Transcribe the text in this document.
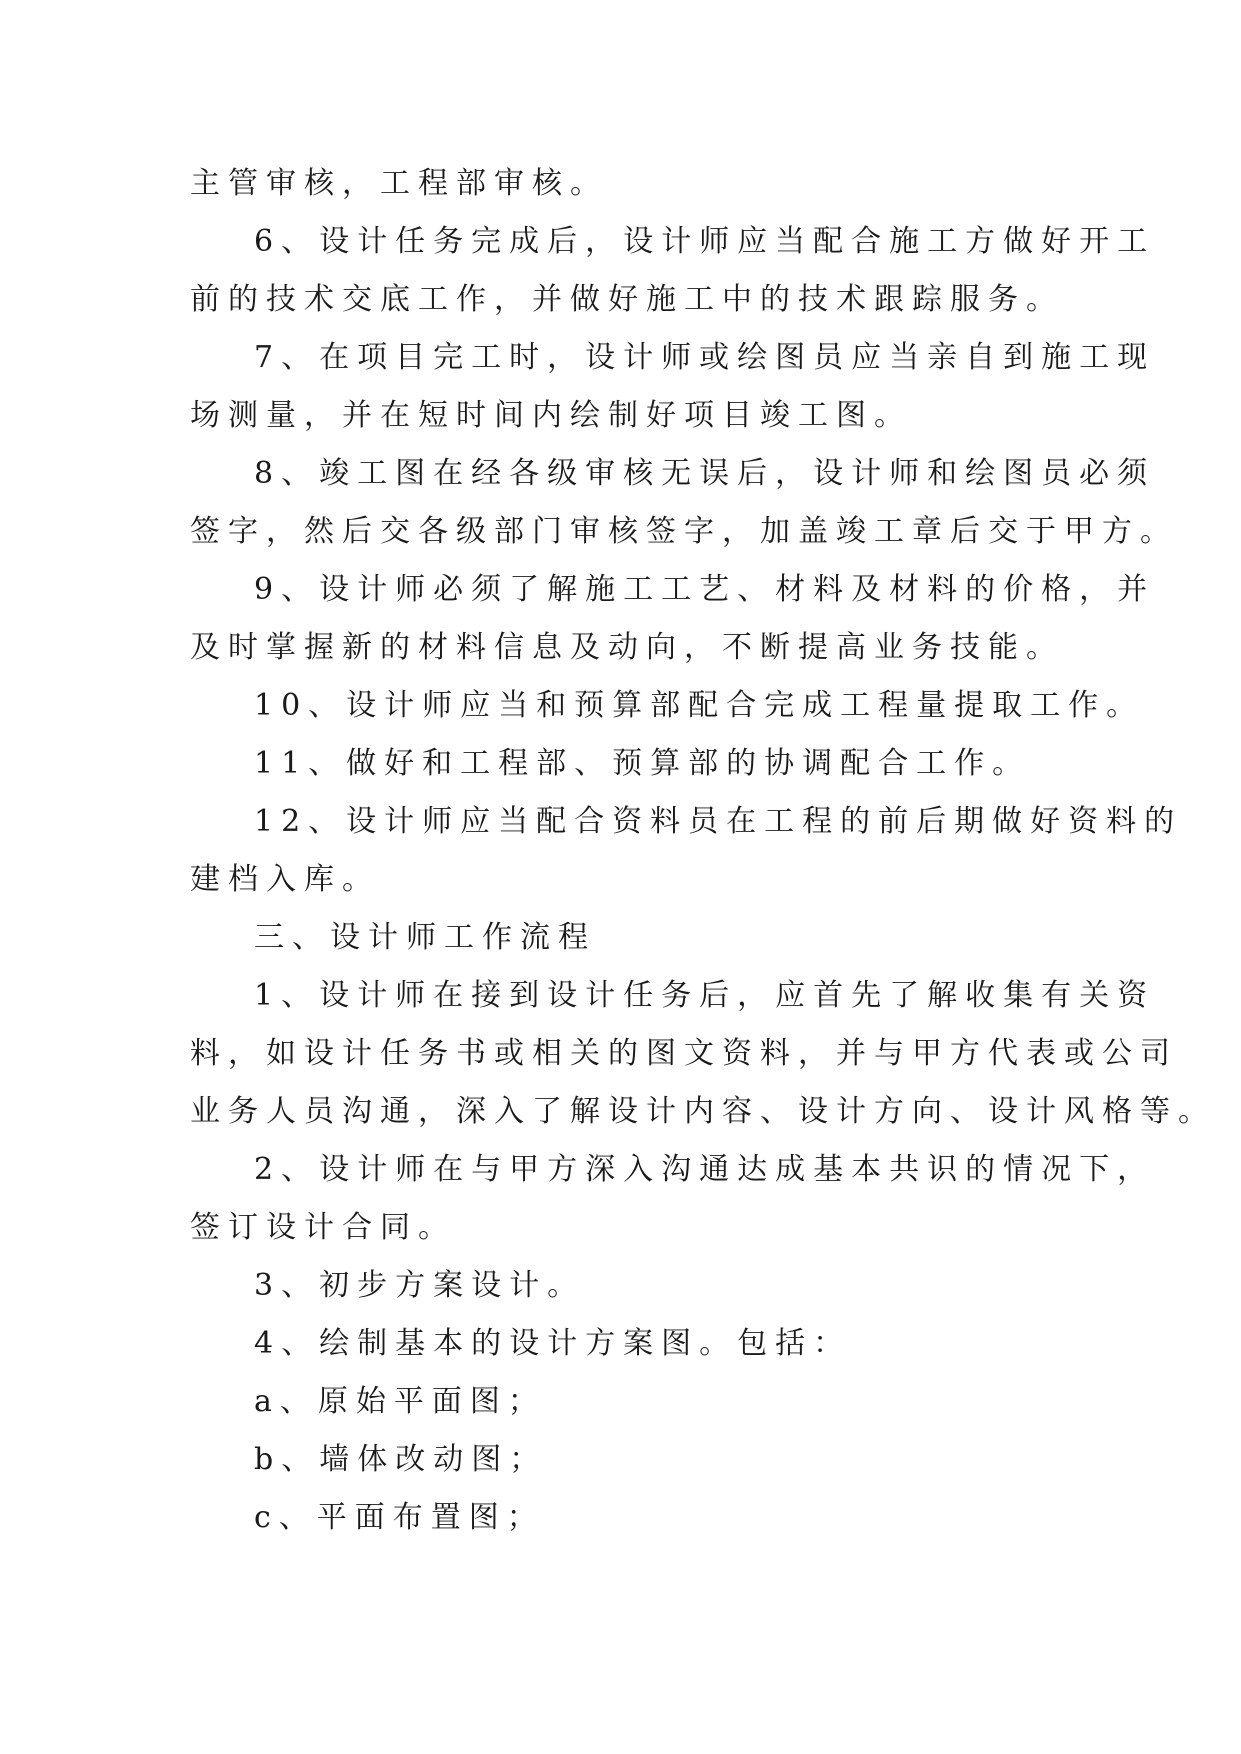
主管审核，工程部审核。
6、设计任务完成后，设计师应当配合施工方做好开工
前的技术交底工作，并做好施工中的技术跟踪服务。
7、在项目完工时，设计师或绘图员应当亲自到施工现
场测量，并在短时间内绘制好项目竣工图。
8、竣工图在经各级审核无误后，设计师和绘图员必须
签字，然后交各级部门审核签字，加盖竣工章后交于甲方。
9、设计师必须了解施工工艺、材料及材料的价格，并
及时掌握新的材料信息及动向，不断提高业务技能。
10、设计师应当和预算部配合完成工程量提取工作。
11、做好和工程部、预算部的协调配合工作。
12、设计师应当配合资料员在工程的前后期做好资料的
建档入库。
三、设计师工作流程
1、设计师在接到设计任务后，应首先了解收集有关资
料，如设计任务书或相关的图文资料，并与甲方代表或公司
业务人员沟通，深入了解设计内容、设计方向、设计风格等。
2、设计师在与甲方深入沟通达成基本共识的情况下，
签订设计合同。
3、初步方案设计。
4、绘制基本的设计方案图。包括：
a、原始平面图；
b、墙体改动图；
c、平面布置图；
